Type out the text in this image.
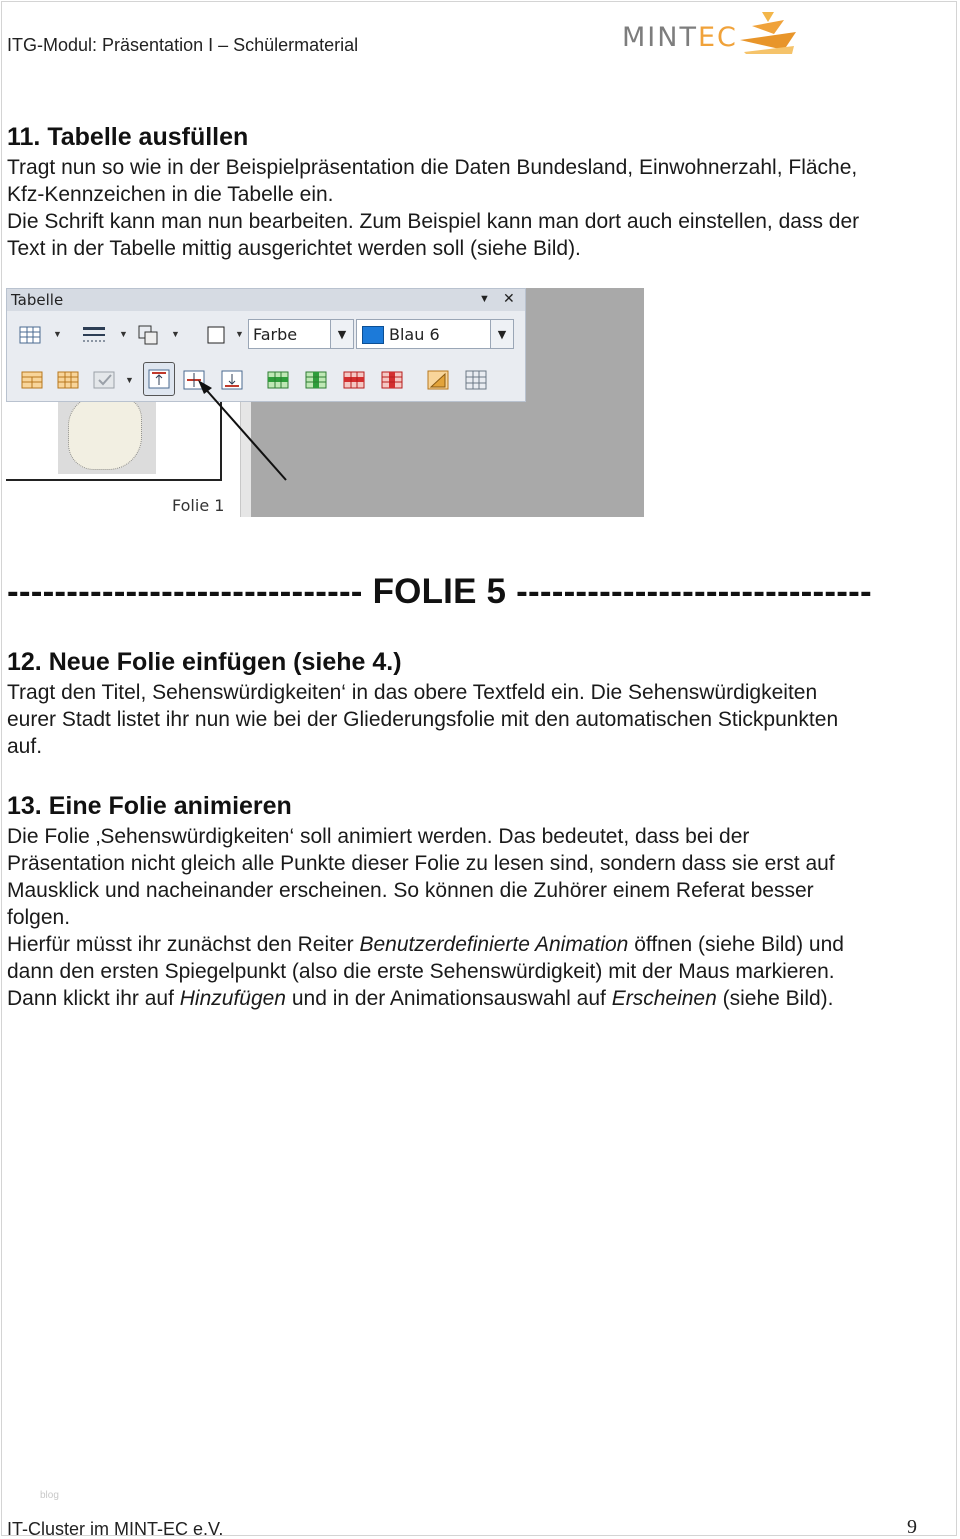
ITG-Modul: Präsentation I – Schülermaterial	MINTEC
11. Tabelle ausfüllen
Tragt nun so wie in der Beispielpräsentation die Daten Bundesland, Einwohnerzahl, Fläche,
Kfz-Kennzeichen in die Tabelle ein.
Die Schrift kann man nun bearbeiten. Zum Beispiel kann man dort auch einstellen, dass der
Text in der Tabelle mittig ausgerichtet werden soll (siehe Bild).
Folie 1
Tabelle	▼ ✕
▼	▼	▼	▼ Farbe	▼	Blau 6	▼
▼
------------------------------ FOLIE 5 ------------------------------
12. Neue Folie einfügen (siehe 4.)
Tragt den Titel, Sehenswürdigkeiten‘ in das obere Textfeld ein. Die Sehenswürdigkeiten
eurer Stadt listet ihr nun wie bei der Gliederungsfolie mit den automatischen Stickpunkten
auf.
13. Eine Folie animieren
Die Folie ‚Sehenswürdigkeiten‘ soll animiert werden. Das bedeutet, dass bei der
Präsentation nicht gleich alle Punkte dieser Folie zu lesen sind, sondern dass sie erst auf
Mausklick und nacheinander erscheinen. So können die Zuhörer einem Referat besser
folgen.
Hierfür müsst ihr zunächst den Reiter Benutzerdefinierte Animation öffnen (siehe Bild) und
dann den ersten Spiegelpunkt (also die erste Sehenswürdigkeit) mit der Maus markieren.
Dann klickt ihr auf Hinzufügen und in der Animationsauswahl auf Erscheinen (siehe Bild).
blog
IT-Cluster im MINT-EC e.V.	9
